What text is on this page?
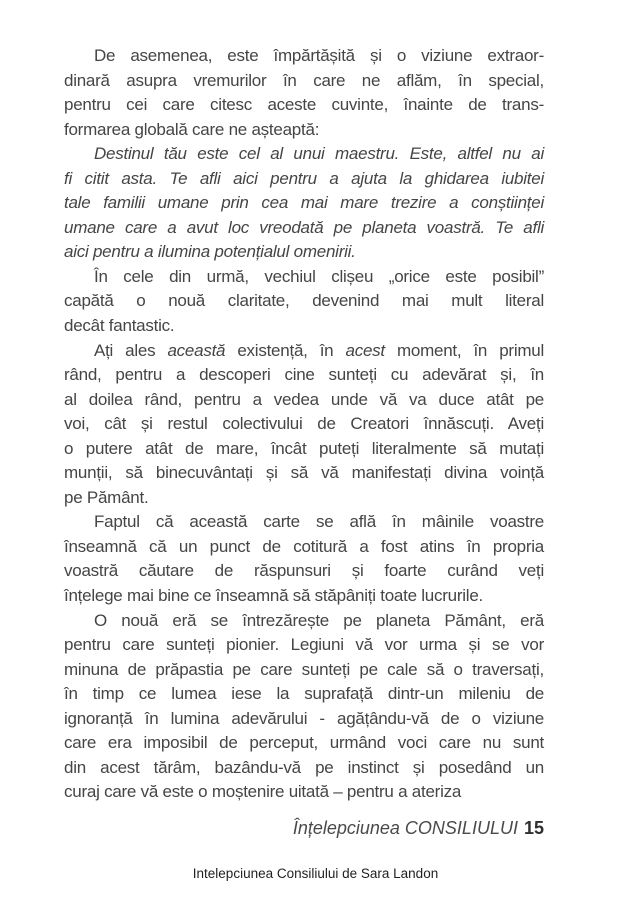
De asemenea, este împărtășită și o viziune extraor-
dinară asupra vremurilor în care ne aflăm, în special,
pentru cei care citesc aceste cuvinte, înainte de trans-
formarea globală care ne așteaptă:
Destinul tău este cel al unui maestru. Este, altfel nu ai
fi citit asta. Te afli aici pentru a ajuta la ghidarea iubitei
tale familii umane prin cea mai mare trezire a conștiinței
umane care a avut loc vreodată pe planeta voastră. Te afli
aici pentru a ilumina potențialul omenirii.
În cele din urmă, vechiul clișeu „orice este posibil”
capătă o nouă claritate, devenind mai mult literal
decât fantastic.
Ați ales această existență, în acest moment, în primul
rând, pentru a descoperi cine sunteți cu adevărat și, în
al doilea rând, pentru a vedea unde vă va duce atât pe
voi, cât și restul colectivului de Creatori înnăscuți. Aveți
o putere atât de mare, încât puteți literalmente să mutați
munții, să binecuvântați și să vă manifestați divina voință
pe Pământ.
Faptul că această carte se află în mâinile voastre
înseamnă că un punct de cotitură a fost atins în propria
voastră căutare de răspunsuri și foarte curând veți
înțelege mai bine ce înseamnă să stăpâniți toate lucrurile.
O nouă eră se întrezărește pe planeta Pământ, eră
pentru care sunteți pionier. Legiuni vă vor urma și se vor
minuna de prăpastia pe care sunteți pe cale să o traversați,
în timp ce lumea iese la suprafață dintr-un mileniu de
ignoranță în lumina adevărului - agățându-vă de o viziune
care era imposibil de perceput, urmând voci care nu sunt
din acest tărâm, bazându-vă pe instinct și posedând un
curaj care vă este o moștenire uitată – pentru a ateriza
Înțelepciunea CONSILIULUI 15
Intelepciunea Consiliului de Sara Landon
